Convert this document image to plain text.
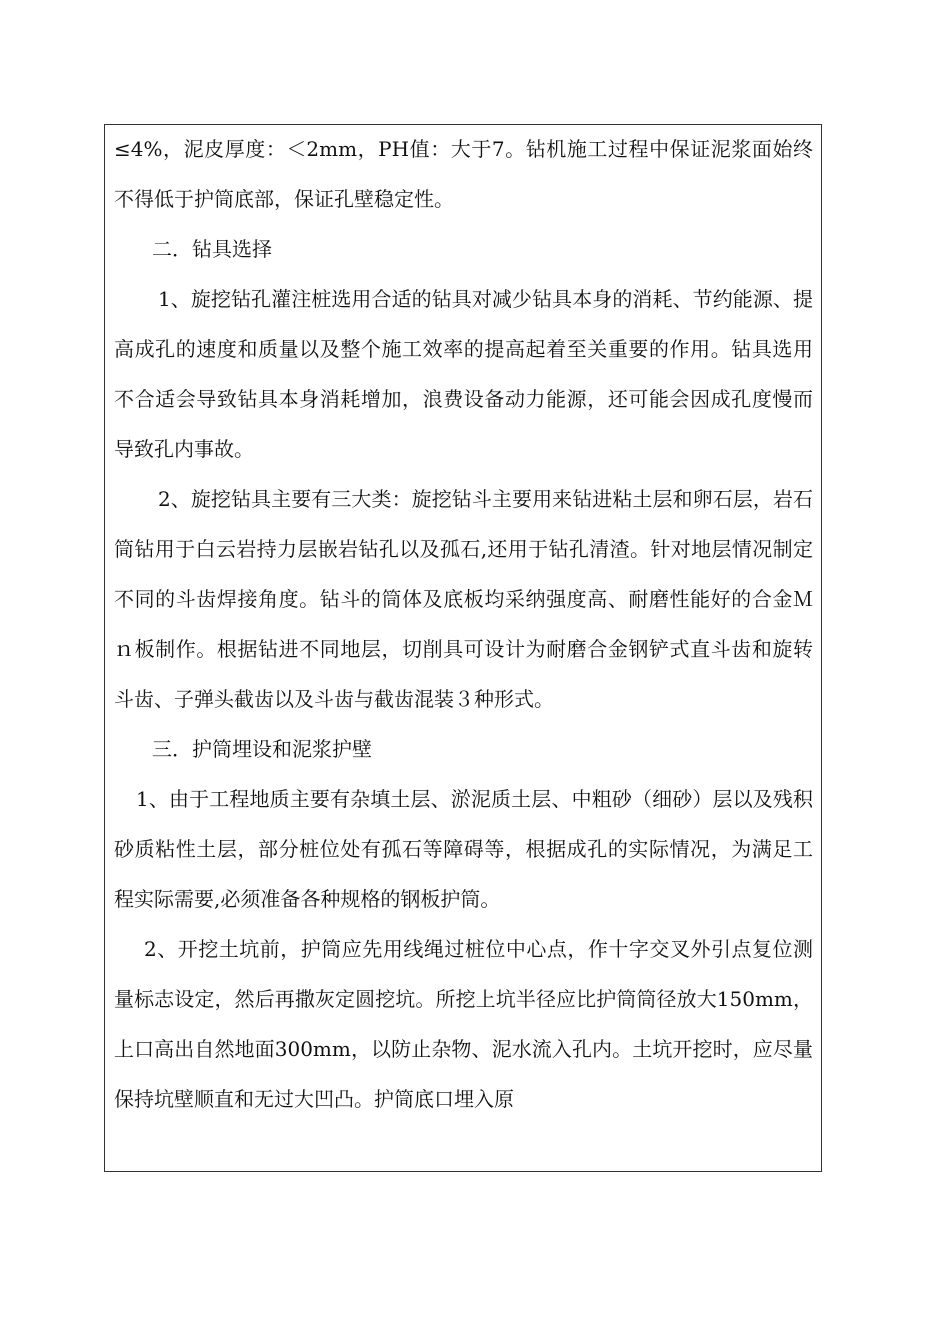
≤4%，泥皮厚度：＜2mm，PH值：大于7。钻机施工过程中保证泥浆面始终不得低于护筒底部，保证孔壁稳定性。

二．钻具选择

1、旋挖钻孔灌注桩选用合适的钻具对减少钻具本身的消耗、节约能源、提高成孔的速度和质量以及整个施工效率的提高起着至关重要的作用。钻具选用不合适会导致钻具本身消耗增加，浪费设备动力能源，还可能会因成孔度慢而导致孔内事故。

2、旋挖钻具主要有三大类：旋挖钻斗主要用来钻进粘土层和卵石层，岩石筒钻用于白云岩持力层嵌岩钻孔以及孤石,还用于钻孔清渣。针对地层情况制定不同的斗齿焊接角度。钻斗的筒体及底板均采纳强度高、耐磨性能好的合金Ｍｎ板制作。根据钻进不同地层，切削具可设计为耐磨合金钢铲式直斗齿和旋转斗齿、子弹头截齿以及斗齿与截齿混装３种形式。

三．护筒埋设和泥浆护壁

1、由于工程地质主要有杂填土层、淤泥质土层、中粗砂（细砂）层以及残积砂质粘性土层，部分桩位处有孤石等障碍等，根据成孔的实际情况，为满足工程实际需要,必须准备各种规格的钢板护筒。

2、开挖土坑前，护筒应先用线绳过桩位中心点，作十字交叉外引点复位测量标志设定，然后再撒灰定圆挖坑。所挖上坑半径应比护筒筒径放大150mm，上口高出自然地面300mm，以防止杂物、泥水流入孔内。土坑开挖时，应尽量保持坑壁顺直和无过大凹凸。护筒底口埋入原
